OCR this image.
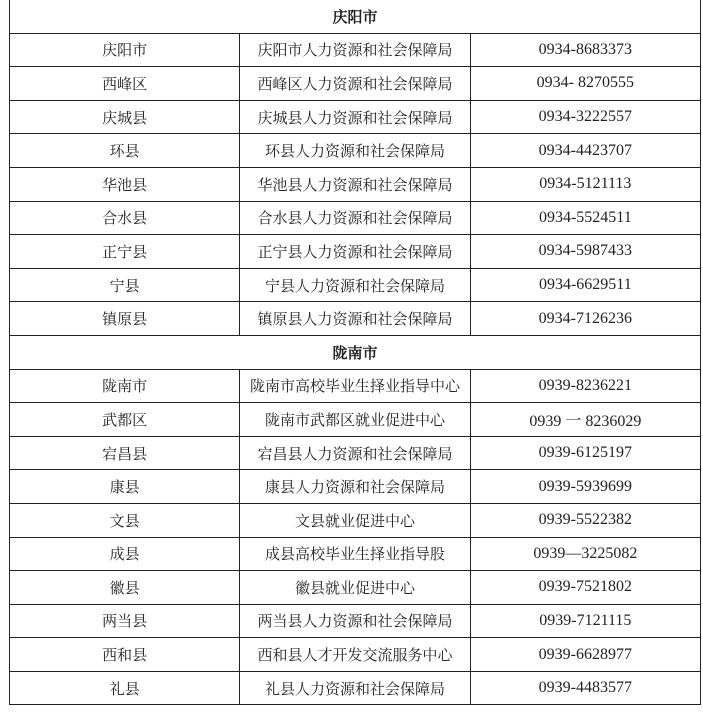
庆阳市		
庆阳市	庆阳市人力资源和社会保障局	0934-8683373
西峰区	西峰区人力资源和社会保障局	0934- 8270555
庆城县	庆城县人力资源和社会保障局	0934-3222557
环县	环县人力资源和社会保障局	0934-4423707
华池县	华池县人力资源和社会保障局	0934-5121113
合水县	合水县人力资源和社会保障局	0934-5524511
正宁县	正宁县人力资源和社会保障局	0934-5987433
宁县	宁县人力资源和社会保障局	0934-6629511
镇原县	镇原县人力资源和社会保障局	0934-7126236
陇南市		
陇南市	陇南市高校毕业生择业指导中心	0939-8236221
武都区	陇南市武都区就业促进中心	0939 一 8236029
宕昌县	宕昌县人力资源和社会保障局	0939-6125197
康县	康县人力资源和社会保障局	0939-5939699
文县	文县就业促进中心	0939-5522382
成县	成县高校毕业生择业指导股	0939—3225082
徽县	徽县就业促进中心	0939-7521802
两当县	两当县人力资源和社会保障局	0939-7121115
西和县	西和县人才开发交流服务中心	0939-6628977
礼县	礼县人力资源和社会保障局	0939-4483577
